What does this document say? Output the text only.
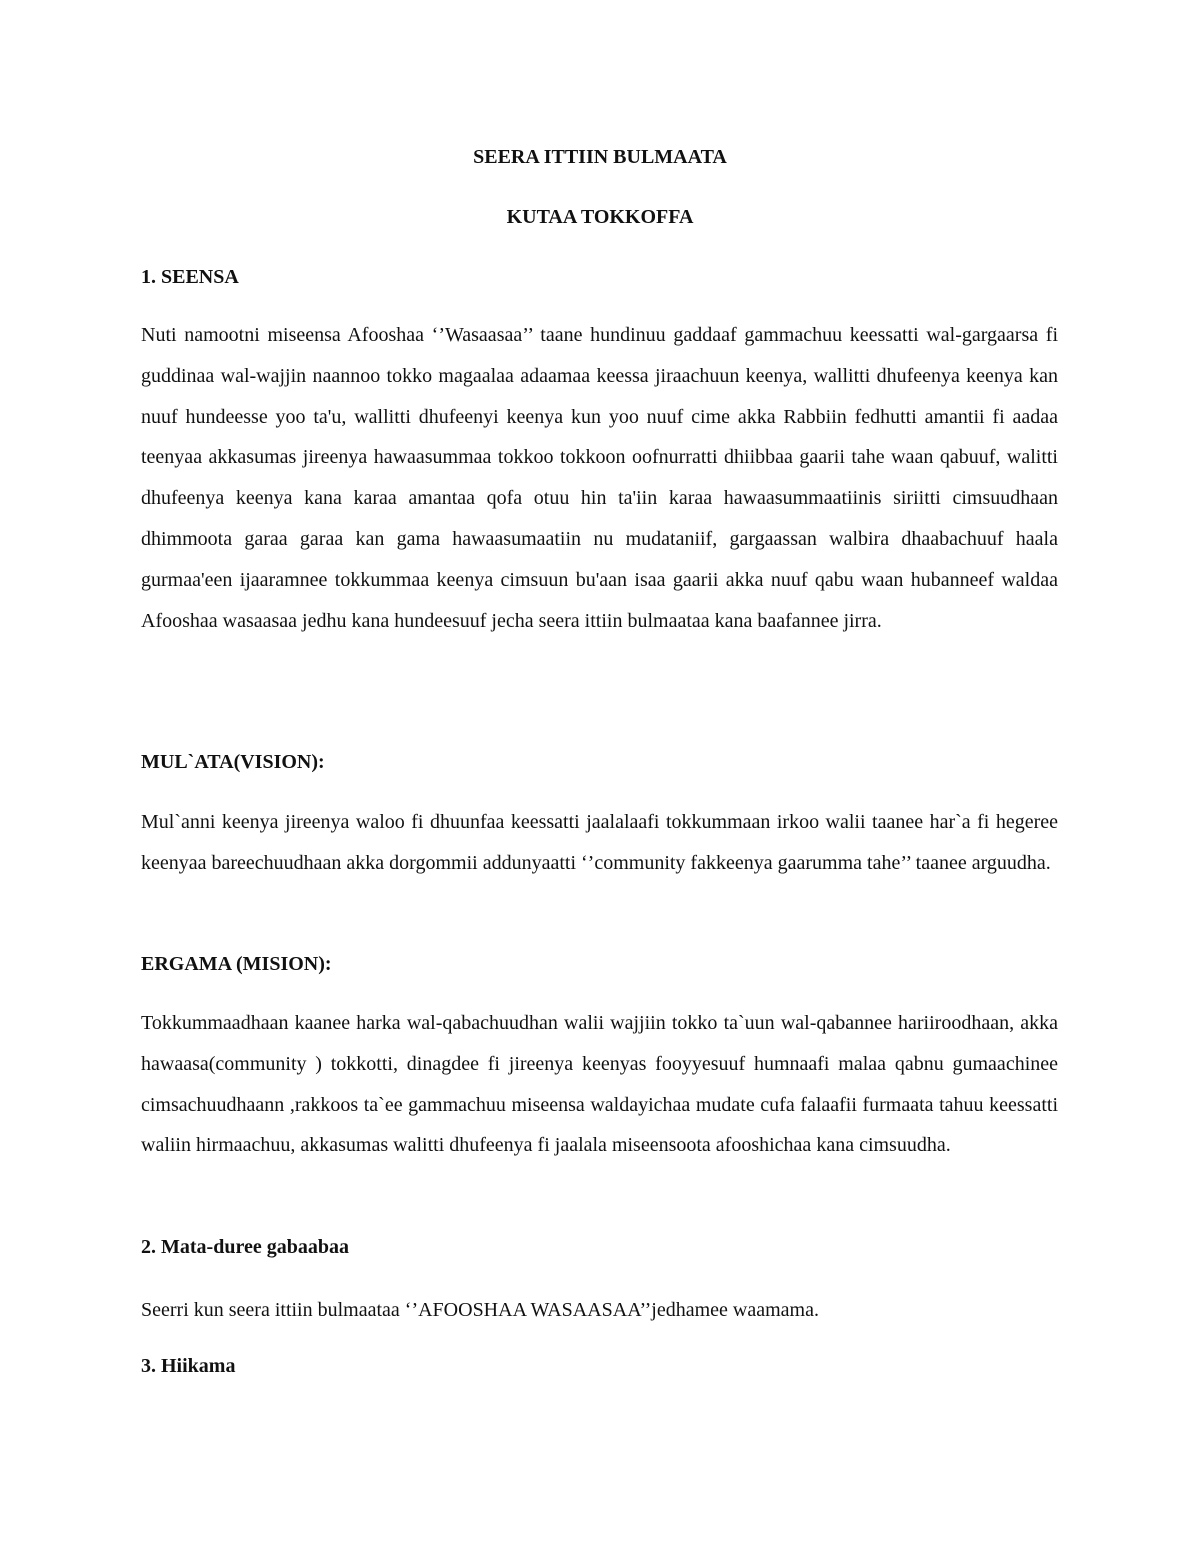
SEERA ITTIIN BULMAATA
KUTAA TOKKOFFA
1. SEENSA

Nuti namootni miseensa Afooshaa ‘’Wasaasaa’’ taane hundinuu gaddaaf gammachuu keessatti wal-gargaarsa fi guddinaa wal-wajjin naannoo tokko magaalaa adaamaa keessa jiraachuun keenya, wallitti dhufeenya keenya kan nuuf hundeesse yoo ta'u, wallitti dhufeenyi keenya kun yoo nuuf cime akka Rabbiin fedhutti amantii fi aadaa teenyaa akkasumas jireenya hawaasummaa tokkoo tokkoon oofnurratti dhiibbaa gaarii tahe waan qabuuf, walitti dhufeenya keenya kana karaa amantaa qofa otuu hin ta'iin karaa hawaasummaatiinis siriitti cimsuudhaan dhimmoota garaa garaa kan gama hawaasumaatiin nu mudataniif, gargaassan walbira dhaabachuuf haala gurmaa'een ijaaramnee tokkummaa keenya cimsuun bu'aan isaa gaarii akka nuuf qabu waan hubanneef waldaa Afooshaa wasaasaa jedhu kana hundeesuuf jecha seera ittiin bulmaataa kana baafannee jirra.

MUL`ATA(VISION):

Mul`anni keenya jireenya waloo fi dhuunfaa keessatti jaalalaafi tokkummaan irkoo walii taanee har`a fi hegeree keenyaa bareechuudhaan akka dorgommii addunyaatti ‘’community fakkeenya gaarumma tahe’’ taanee arguudha.

ERGAMA (MISION):

Tokkummaadhaan kaanee harka wal-qabachuudhan walii wajjiin tokko ta`uun wal-qabannee hariiroodhaan, akka hawaasa(community ) tokkotti, dinagdee fi jireenya keenyas fooyyesuuf humnaafi malaa qabnu gumaachinee cimsachuudhaann ,rakkoos ta`ee gammachuu miseensa waldayichaa mudate cufa falaafii furmaata tahuu keessatti waliin hirmaachuu, akkasumas walitti dhufeenya fi jaalala miseensoota afooshichaa kana cimsuudha.

2. Mata-duree gabaabaa

Seerri kun seera ittiin bulmaataa ‘’AFOOSHAA WASAASAA’’jedhamee waamama.

3. Hiikama
